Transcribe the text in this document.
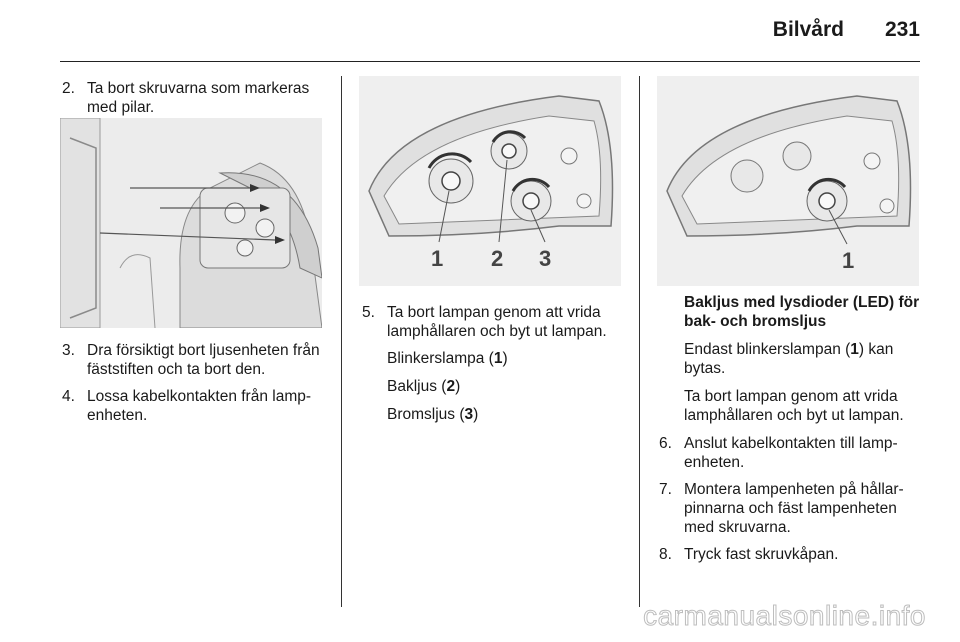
Bilvård 231
2. Ta bort skruvarna som markeras med pilar.
3. Dra försiktigt bort ljusenheten från fäststiften och ta bort den.
4. Lossa kabelkontakten från lamp-enheten.
1 2 3
5. Ta bort lampan genom att vrida lamphållaren och byt ut lampan.
Blinkerslampa (1)
Bakljus (2)
Bromsljus (3)
1
Bakljus med lysdioder (LED) för bak- och bromsljus
Endast blinkerslampan (1) kan bytas.
Ta bort lampan genom att vrida lamphållaren och byt ut lampan.
6. Anslut kabelkontakten till lamp-enheten.
7. Montera lampenheten på hållar-pinnarna och fäst lampenheten med skruvarna.
8. Tryck fast skruvkåpan.
carmanualsonline.info
